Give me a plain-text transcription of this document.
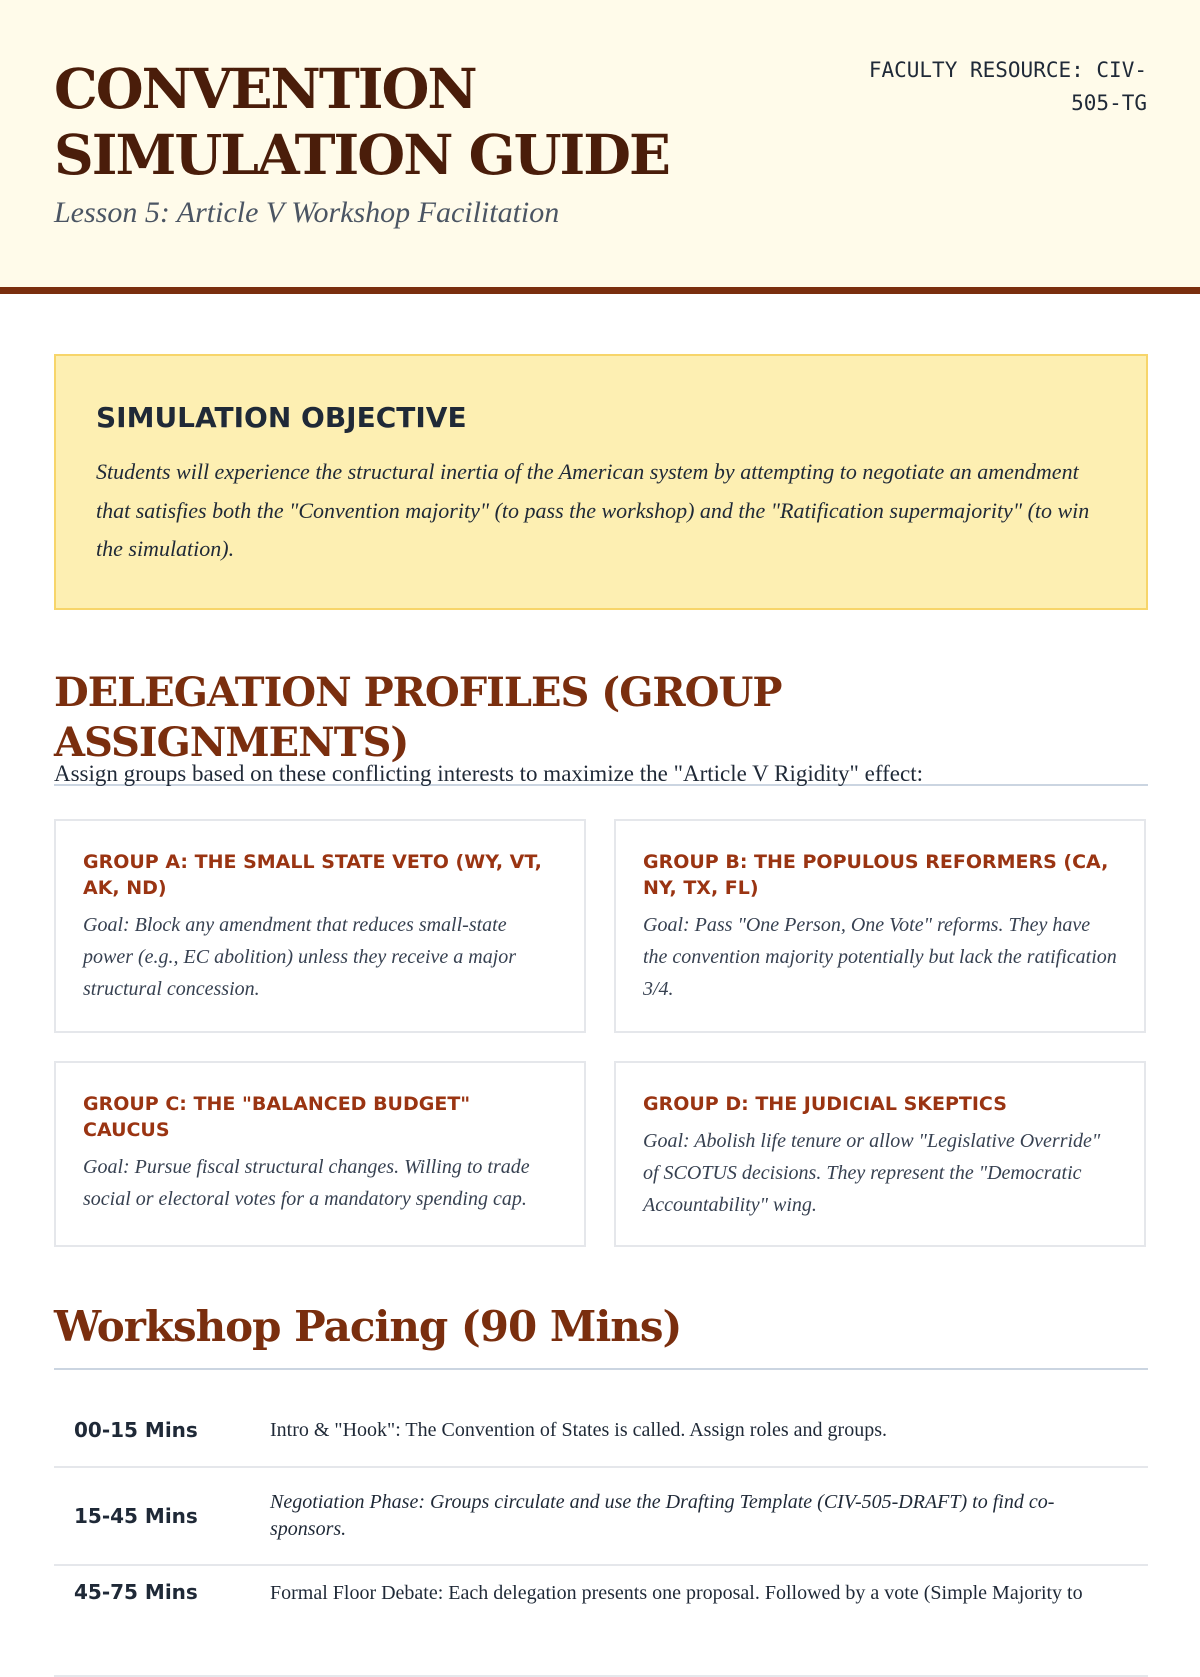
CONVENTION SIMULATION GUIDE
FACULTY RESOURCE: CIV-505-TG

Lesson 5: Article V Workshop Facilitation

SIMULATION OBJECTIVE

Students will experience the structural inertia of the American system by attempting to negotiate an amendment that satisfies both the "Convention majority" (to pass the workshop) and the "Ratification supermajority" (to win the simulation).

DELEGATION PROFILES (GROUP ASSIGNMENTS)

Assign groups based on these conflicting interests to maximize the "Article V Rigidity" effect:

GROUP A: THE SMALL STATE VETO (WY, VT, AK, ND)

Goal: Block any amendment that reduces small-state power (e.g., EC abolition) unless they receive a major structural concession.

GROUP B: THE POPULOUS REFORMERS (CA, NY, TX, FL)

Goal: Pass "One Person, One Vote" reforms. They have the convention majority potentially but lack the ratification 3/4.

GROUP C: THE "BALANCED BUDGET" CAUCUS

Goal: Pursue fiscal structural changes. Willing to trade social or electoral votes for a mandatory spending cap.

GROUP D: THE JUDICIAL SKEPTICS

Goal: Abolish life tenure or allow "Legislative Override" of SCOTUS decisions. They represent the "Democratic Accountability" wing.

Workshop Pacing (90 Mins)
00-15 Mins	Intro & "Hook": The Convention of States is called. Assign roles and groups.
15-45 Mins	Negotiation Phase: Groups circulate and use the Drafting Template (CIV-505-DRAFT) to find co-sponsors.
45-75 Mins	Formal Floor Debate: Each delegation presents one proposal. Followed by a vote (Simple Majority to
